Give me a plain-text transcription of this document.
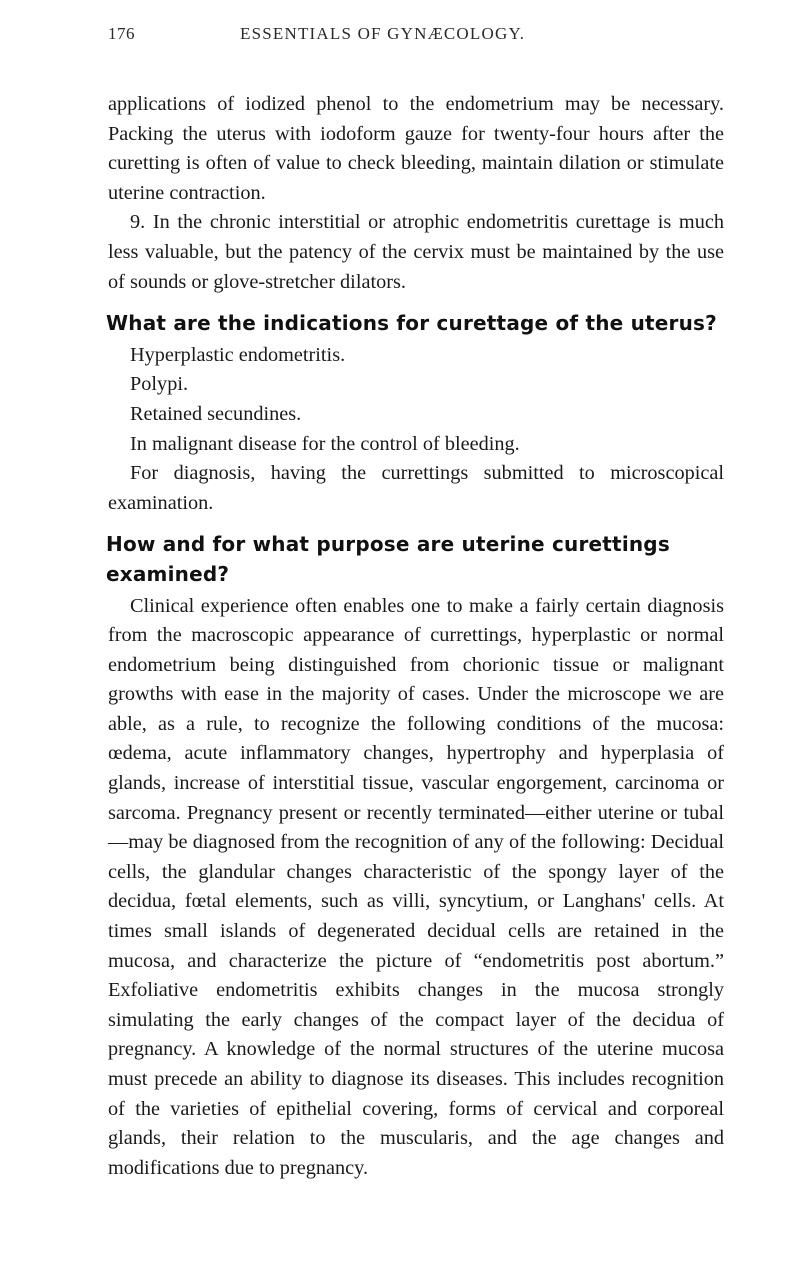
176	ESSENTIALS OF GYNÆCOLOGY.

applications of iodized phenol to the endometrium may be necessary. Packing the uterus with iodoform gauze for twenty-four hours after the curetting is often of value to check bleeding, maintain dilation or stimulate uterine contraction.

9. In the chronic interstitial or atrophic endometritis curettage is much less valuable, but the patency of the cervix must be maintained by the use of sounds or glove-stretcher dilators.

What are the indications for curettage of the uterus?

Hyperplastic endometritis.

Polypi.

Retained secundines.

In malignant disease for the control of bleeding.

For diagnosis, having the currettings submitted to microscopical examination.

How and for what purpose are uterine curettings examined?

Clinical experience often enables one to make a fairly certain diagnosis from the macroscopic appearance of currettings, hyperplastic or normal endometrium being distinguished from chorionic tissue or malignant growths with ease in the majority of cases. Under the microscope we are able, as a rule, to recognize the following conditions of the mucosa: œdema, acute inflammatory changes, hypertrophy and hyperplasia of glands, increase of interstitial tissue, vascular engorgement, carcinoma or sarcoma. Pregnancy present or recently terminated—either uterine or tubal—may be diagnosed from the recognition of any of the following: Decidual cells, the glandular changes characteristic of the spongy layer of the decidua, fœtal elements, such as villi, syncytium, or Langhans' cells. At times small islands of degenerated decidual cells are retained in the mucosa, and characterize the picture of “endometritis post abortum.” Exfoliative endometritis exhibits changes in the mucosa strongly simulating the early changes of the compact layer of the decidua of pregnancy. A knowledge of the normal structures of the uterine mucosa must precede an ability to diagnose its diseases. This includes recognition of the varieties of epithelial covering, forms of cervical and corporeal glands, their relation to the muscularis, and the age changes and modifications due to pregnancy.
